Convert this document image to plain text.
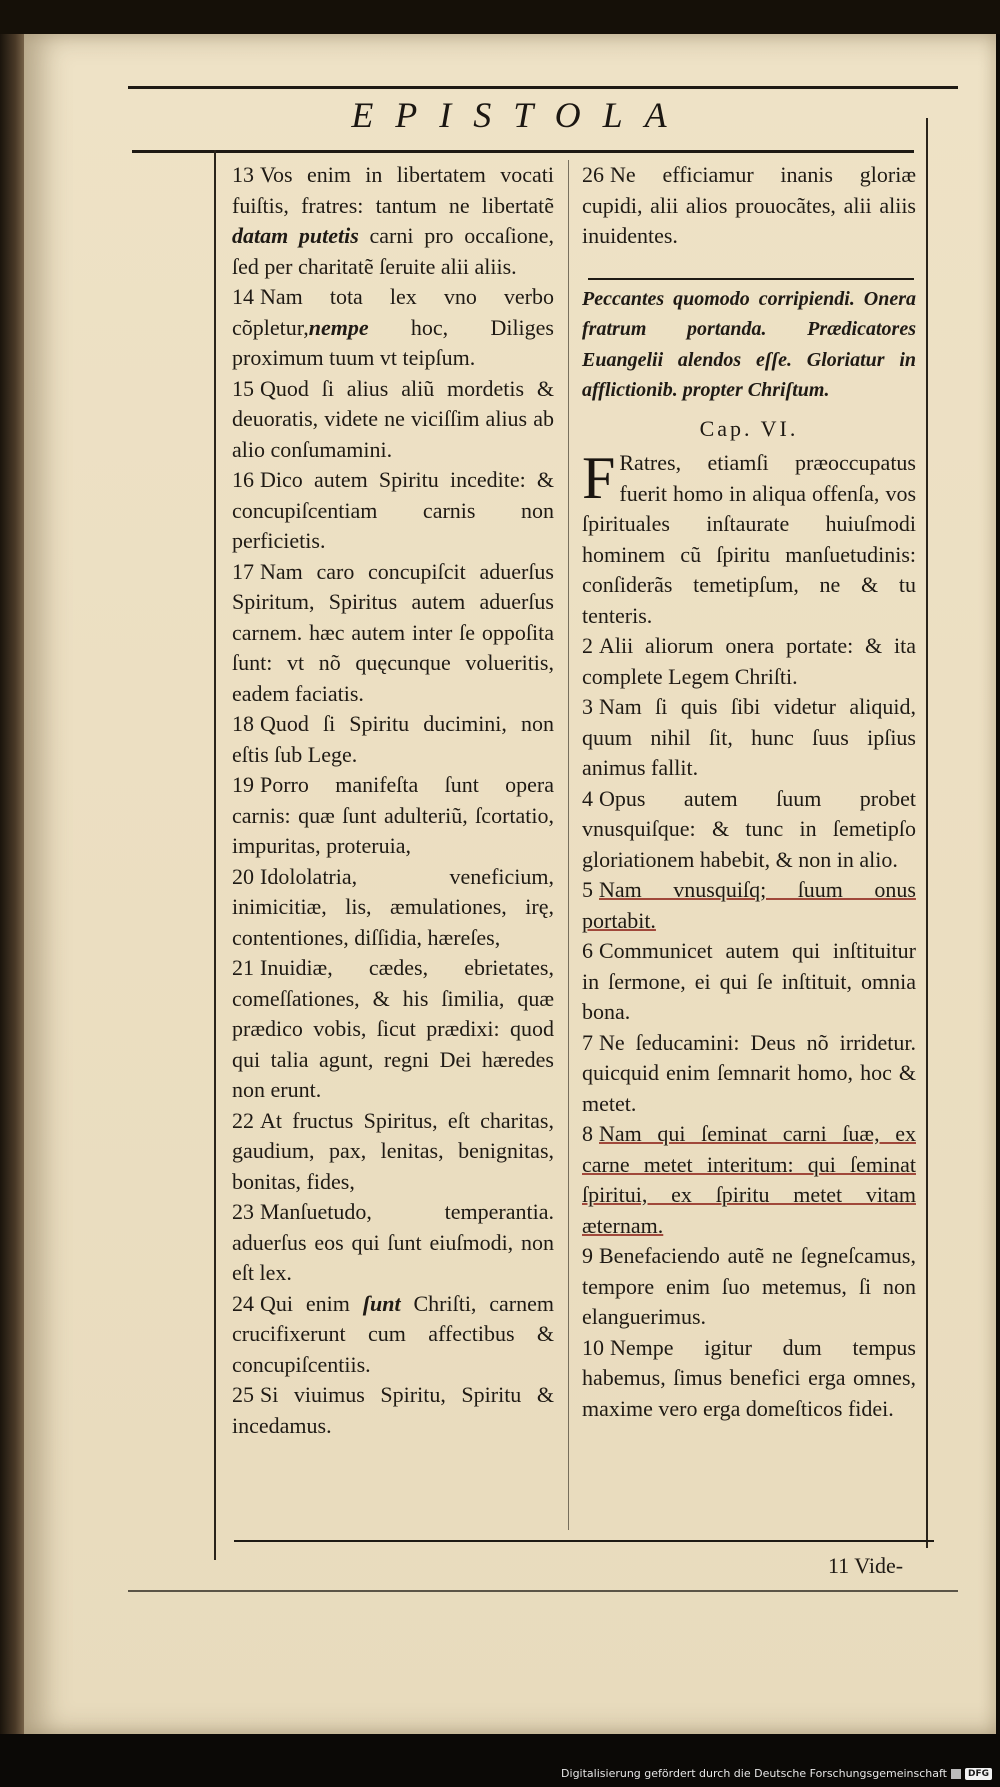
EPISTOLA

13 Vos enim in libertatem vocati fuiſtis, fratres: tantum ne libertatẽ datam putetis carni pro occaſione, ſed per charitatẽ ſeruite alii aliis.

14 Nam tota lex vno verbo cõpletur,nempe hoc, Diliges proximum tuum vt teipſum.

15 Quod ſi alius aliũ mordetis & deuoratis, videte ne viciſſim alius ab alio conſumamini.

16 Dico autem Spiritu incedite: & concupiſcentiam carnis non perficietis.

17 Nam caro concupiſcit aduerſus Spiritum, Spiritus autem aduerſus carnem. hæc autem inter ſe oppoſita ſunt: vt nõ quęcunque volueritis, eadem faciatis.

18 Quod ſi Spiritu ducimini, non eſtis ſub Lege.

19 Porro manifeſta ſunt opera carnis: quæ ſunt adulteriũ, ſcortatio, impuritas, proteruia,

20 Idololatria, veneficium, inimicitiæ, lis, æmulationes, irę, contentiones, diſſidia, hæreſes,

21 Inuidiæ, cædes, ebrietates, comeſſationes, & his ſimilia, quæ prædico vobis, ſicut prædixi: quod qui talia agunt, regni Dei hæredes non erunt.

22 At fructus Spiritus, eſt charitas, gaudium, pax, lenitas, benignitas, bonitas, fides,

23 Manſuetudo, temperantia. aduerſus eos qui ſunt eiuſmodi, non eſt lex.

24 Qui enim ſunt Chriſti, carnem crucifixerunt cum affectibus & concupiſcentiis.

25 Si viuimus Spiritu, Spiritu & incedamus.

26 Ne efficiamur inanis gloriæ cupidi, alii alios prouocãtes, alii aliis inuidentes.

Peccantes quomodo corripiendi. Onera fratrum portanda. Prædicatores Euangelii alendos eſſe. Gloriatur in afflictionib. propter Chriſtum.

Cap. VI.

F Ratres, etiamſi præoccupatus fuerit homo in aliqua offenſa, vos ſpirituales inſtaurate huiuſmodi hominem cũ ſpiritu manſuetudinis: conſiderãs temetipſum, ne & tu tenteris.

2 Alii aliorum onera portate: & ita complete Legem Chriſti.

3 Nam ſi quis ſibi videtur aliquid, quum nihil ſit, hunc ſuus ipſius animus fallit.

4 Opus autem ſuum probet vnusquiſque: & tunc in ſemetipſo gloriationem habebit, & non in alio.

5 Nam vnusquiſq; ſuum onus portabit.

6 Communicet autem qui inſtituitur in ſermone, ei qui ſe inſtituit, omnia bona.

7 Ne ſeducamini: Deus nõ irridetur. quicquid enim ſemnarit homo, hoc & metet.

8 Nam qui ſeminat carni ſuæ, ex carne metet interitum: qui ſeminat ſpiritui, ex ſpiritu metet vitam æternam.

9 Benefaciendo autẽ ne ſegneſcamus, tempore enim ſuo metemus, ſi non elanguerimus.

10 Nempe igitur dum tempus habemus, ſimus benefici erga omnes, maxime vero erga domeſticos fidei.

11 Vide-
Digitalisierung gefördert durch die Deutsche Forschungsgemeinschaft	DFG
